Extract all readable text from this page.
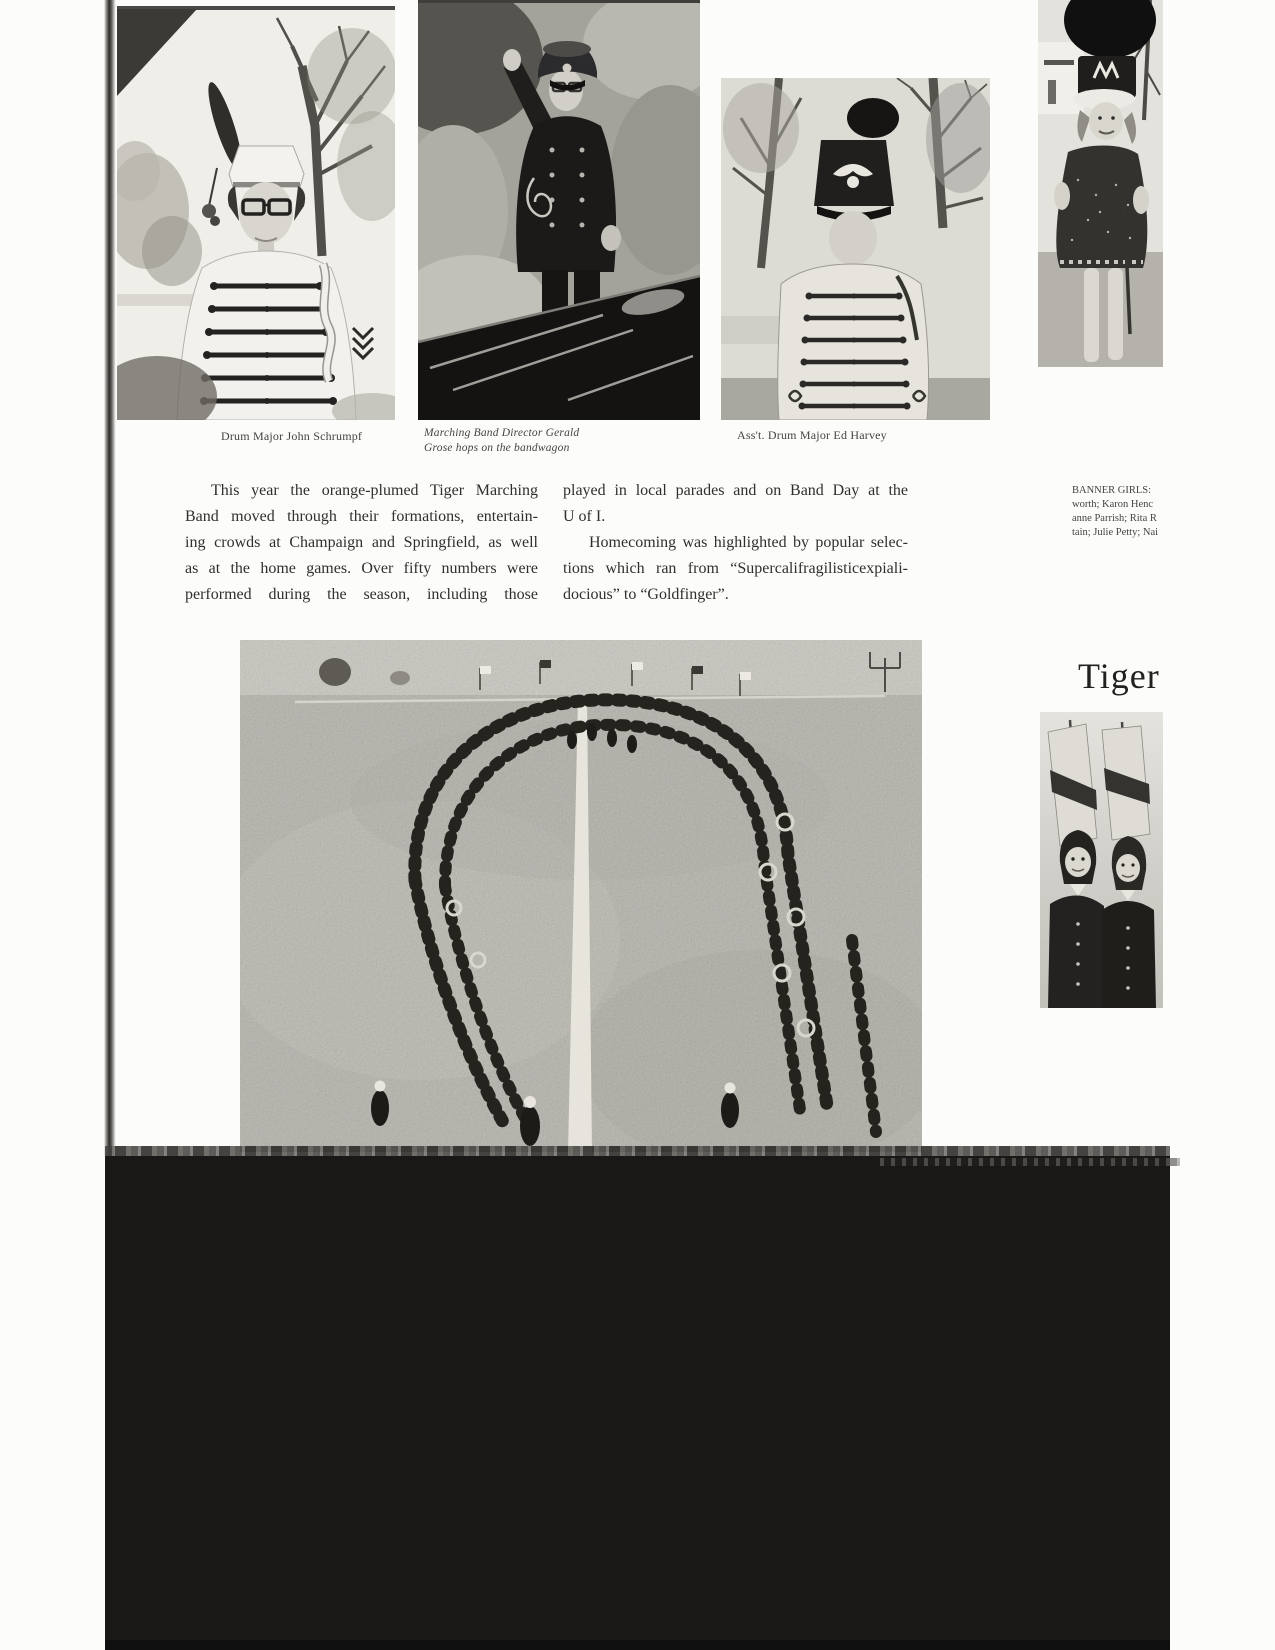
Drum Major John Schrumpf	Marching Band Director Gerald
Grose hops on the bandwagon
Ass't. Drum Major Ed Harvey
BANNER GIRLS:
worth; Karon Henc
anne Parrish; Rita R
tain; Julie Petty; Nai
This year the orange-plumed Tiger Marching
Band moved through their formations, entertain-
ing crowds at Champaign and Springfield, as well
as at the home games. Over fifty numbers were
performed during the season, including those
played in local parades and on Band Day at the
U of I.
Homecoming was highlighted by popular selec-
tions which ran from “Supercalifragilisticexpiali-
docious” to “Goldfinger”.
Tiger
